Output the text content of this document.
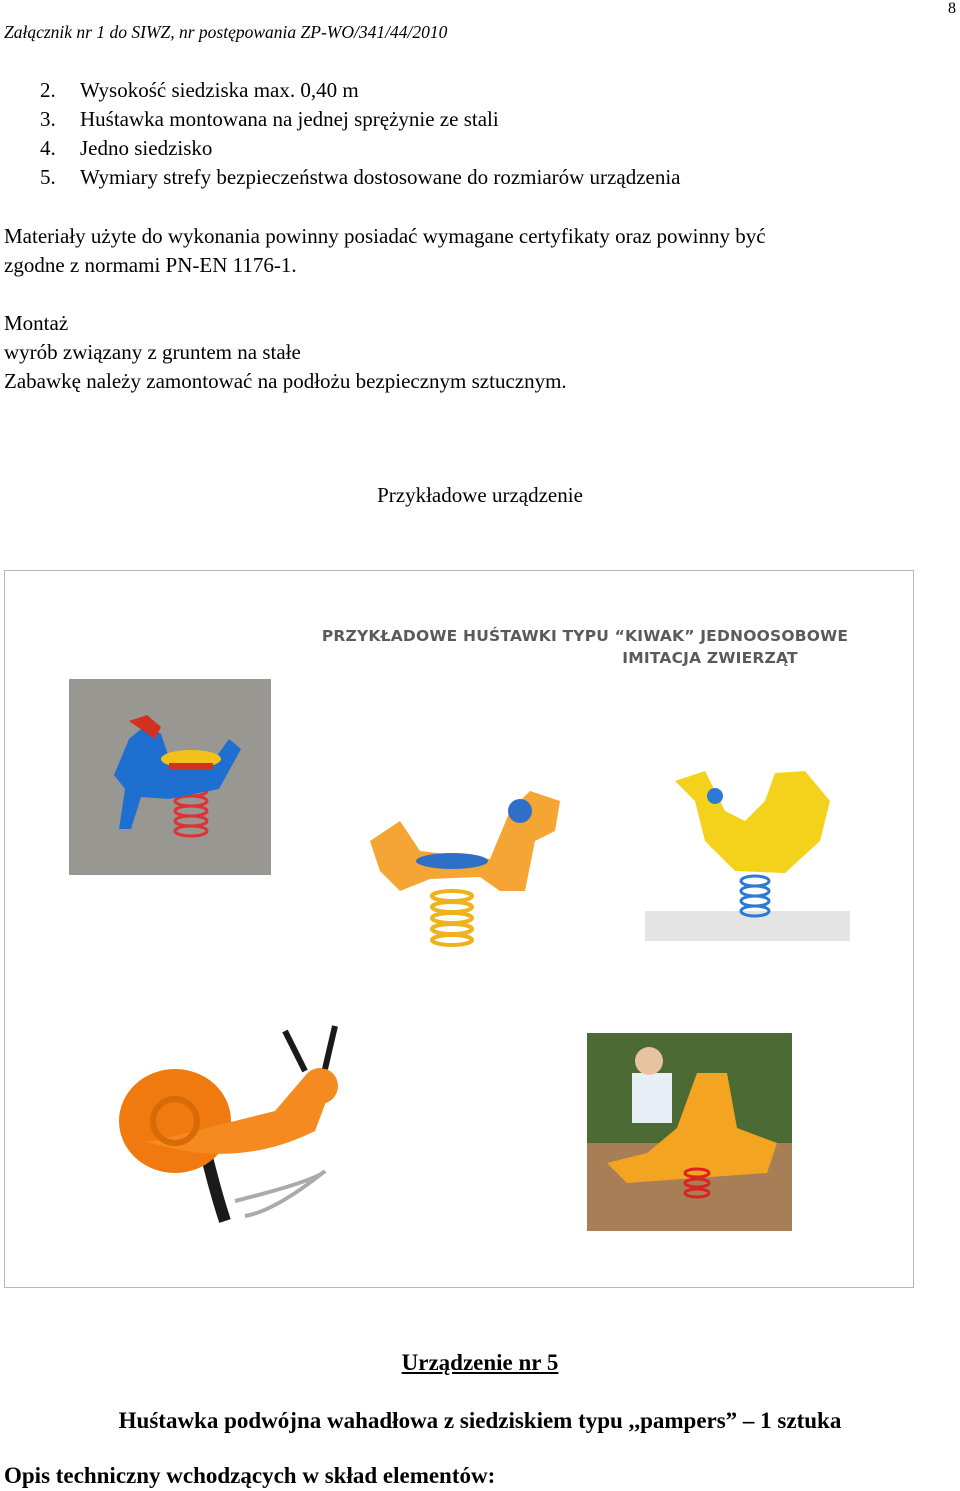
Załącznik nr 1 do SIWZ, nr postępowania ZP-WO/341/44/2010
8
2. Wysokość siedziska max. 0,40 m
3. Huśtawka montowana na jednej sprężynie ze stali
4. Jedno siedzisko
5. Wymiary strefy bezpieczeństwa dostosowane do rozmiarów urządzenia

Materiały użyte do wykonania powinny posiadać wymagane certyfikaty oraz powinny być
zgodne z normami PN-EN 1176-1.

Montaż
wyrób związany z gruntem na stałe
Zabawkę należy zamontować na podłożu bezpiecznym sztucznym.

Przykładowe urządzenie
PRZYKŁADOWE HUŚTAWKI TYPU “KIWAK” JEDNOOSOBOWE
IMITACJA ZWIERZĄT
Urządzenie nr 5
Huśtawka podwójna wahadłowa z siedziskiem typu ,,pampers” – 1 sztuka
Opis techniczny wchodzących w skład elementów:
